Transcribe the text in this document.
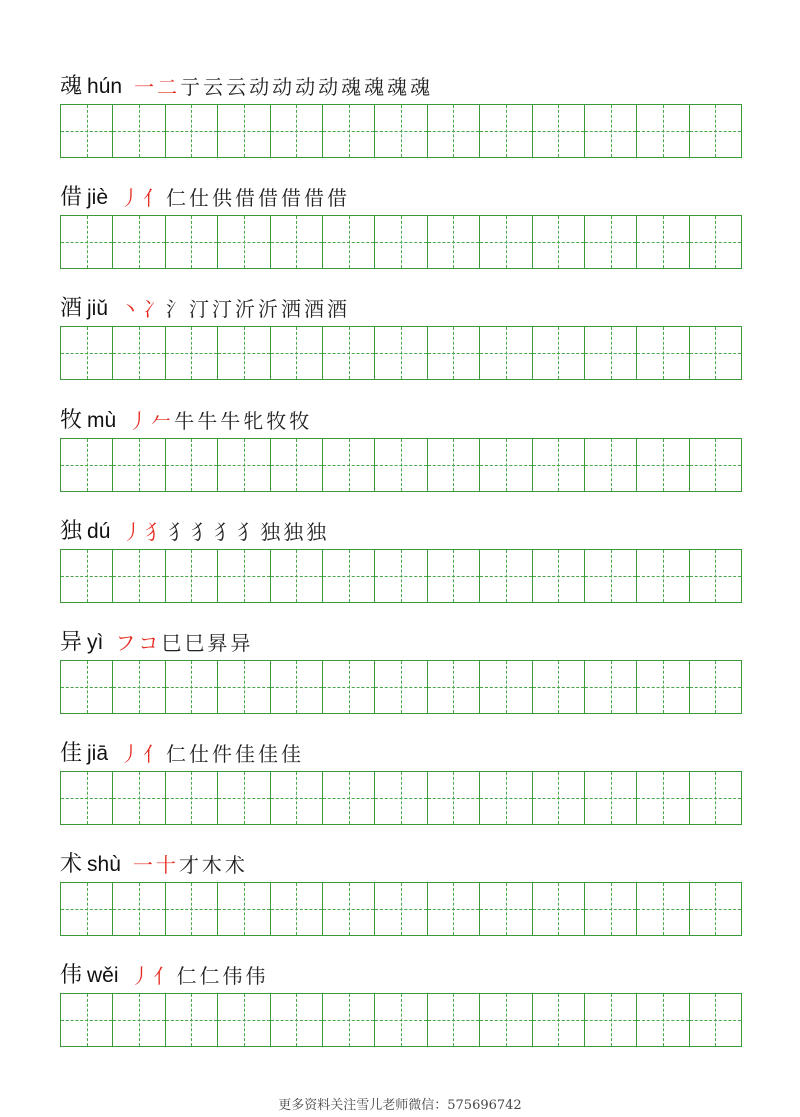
魂 hún 一 二 亍 云 云 动 动 动 动 魂 魂 魂 魂
借 jiè 丿 亻 仁 仕 供 借 借 借 借 借
酒 jiǔ 丶 冫 氵 汀 汀 沂 沂 洒 酒 酒
牧 mù 丿 𠂉 牛 牛 牛 牝 牧 牧
独 dú 丿 犭 犭 犭 犭 犭 独 独 独
异 yì フ コ 巳 巳 昪 异
佳 jiā 丿 亻 仁 仕 件 佳 佳 佳
术 shù 一 十 才 木 术
伟 wěi 丿 亻 仁 仁 伟 伟
更多资料关注雪儿老师微信：575696742
